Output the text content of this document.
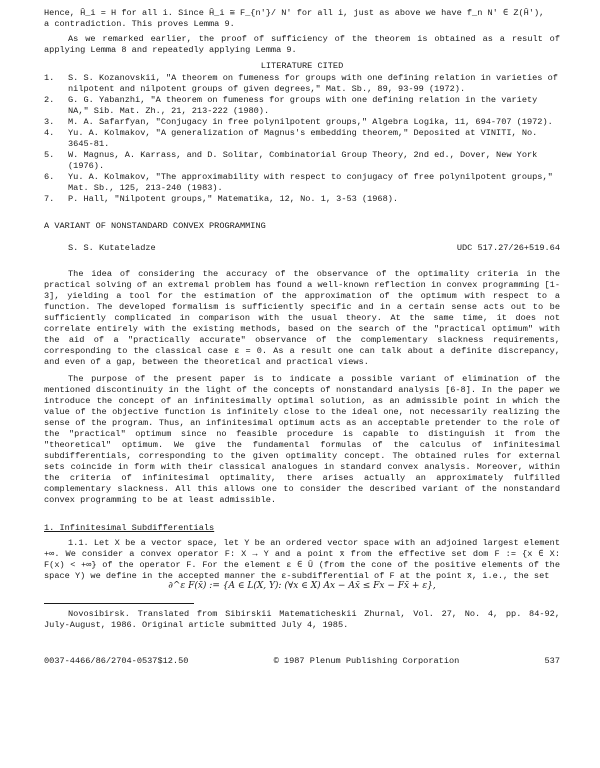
Hence, Ĥ_i = H for all i. Since Ĥ_i ≅ F_{n'}/ N' for all i, just as above we have f_n N' ∈ Z(Ĥ'),

a contradiction. This proves Lemma 9.

As we remarked earlier, the proof of sufficiency of the theorem is obtained as a result of applying Lemma 8 and repeatedly applying Lemma 9.

LITERATURE CITED

1.	S. S. Kozanovskii, "A theorem on fumeness for groups with one defining relation in varieties of nilpotent and nilpotent groups of given degrees," Mat. Sb., 89, 93-99 (1972).
2.	G. G. Yabanzhi, "A theorem on fumeness for groups with one defining relation in the variety NA," Sib. Mat. Zh., 21, 213-222 (1980).
3.	M. A. Safarfyan, "Conjugacy in free polynilpotent groups," Algebra Logika, 11, 694-707 (1972).
4.	Yu. A. Kolmakov, "A generalization of Magnus's embedding theorem," Deposited at VINITI, No. 3645-81.
5.	W. Magnus, A. Karrass, and D. Solitar, Combinatorial Group Theory, 2nd ed., Dover, New York (1976).
6.	Yu. A. Kolmakov, "The approximability with respect to conjugacy of free polynilpotent groups," Mat. Sb., 125, 213-240 (1983).
7.	P. Hall, "Nilpotent groups," Matematika, 12, No. 1, 3-53 (1968).

A VARIANT OF NONSTANDARD CONVEX PROGRAMMING

S. S. Kutateladze	UDC 517.27/26+519.64

The idea of considering the accuracy of the observance of the optimality criteria in the practical solving of an extremal problem has found a well-known reflection in convex programming [1-3], yielding a tool for the estimation of the approximation of the optimum with respect to a function. The developed formalism is sufficiently specific and in a certain sense acts out to be sufficiently complicated in comparison with the usual theory. At the same time, it does not correlate entirely with the existing methods, based on the search of the "practical optimum" with the aid of a "practically accurate" observance of the complementary slackness requirements, corresponding to the classical case ε = 0. As a result one can talk about a definite discrepancy, and even of a gap, between the theoretical and practical views.

The purpose of the present paper is to indicate a possible variant of elimination of the mentioned discontinuity in the light of the concepts of nonstandard analysis [6-8]. In the paper we introduce the concept of an infinitesimally optimal solution, as an admissible point in which the value of the objective function is infinitely close to the ideal one, not necessarily realizing the sense of the program. Thus, an infinitesimal optimum acts as an acceptable pretender to the role of the "practical" optimum since no feasible procedure is capable to distinguish it from the "theoretical" optimum. We give the fundamental formulas of the calculus of infinitesimal subdifferentials, corresponding to the given optimality concept. The obtained rules for external sets coincide in form with their classical analogues in standard convex analysis. Moreover, within the criteria of infinitesimal optimality, there arises actually an approximately fulfilled complementary slackness. All this allows one to consider the described variant of the nonstandard convex programming to be at least admissible.

1. Infinitesimal Subdifferentials

1.1. Let X be a vector space, let Y be an ordered vector space with an adjoined largest element +∞. We consider a convex operator F: X → Y and a point x̄ from the effective set dom F := {x ∈ X: F(x) < +∞} of the operator F. For the element ε ∈ Ū (from the cone of the positive elements of the space Y) we define in the accepted manner the ε-subdifferential of F at the point x̄, i.e., the set

∂^ε F(x̄) := {A ∈ L(X, Y): (∀x ∈ X) Ax − Ax̄ ≤ Fx − Fx̄ + ε},

Novosibirsk. Translated from Sibirskii Matematicheskii Zhurnal, Vol. 27, No. 4, pp. 84-92, July-August, 1986. Original article submitted July 4, 1985.

0037-4466/86/2704-0537$12.50	© 1987 Plenum Publishing Corporation	537
